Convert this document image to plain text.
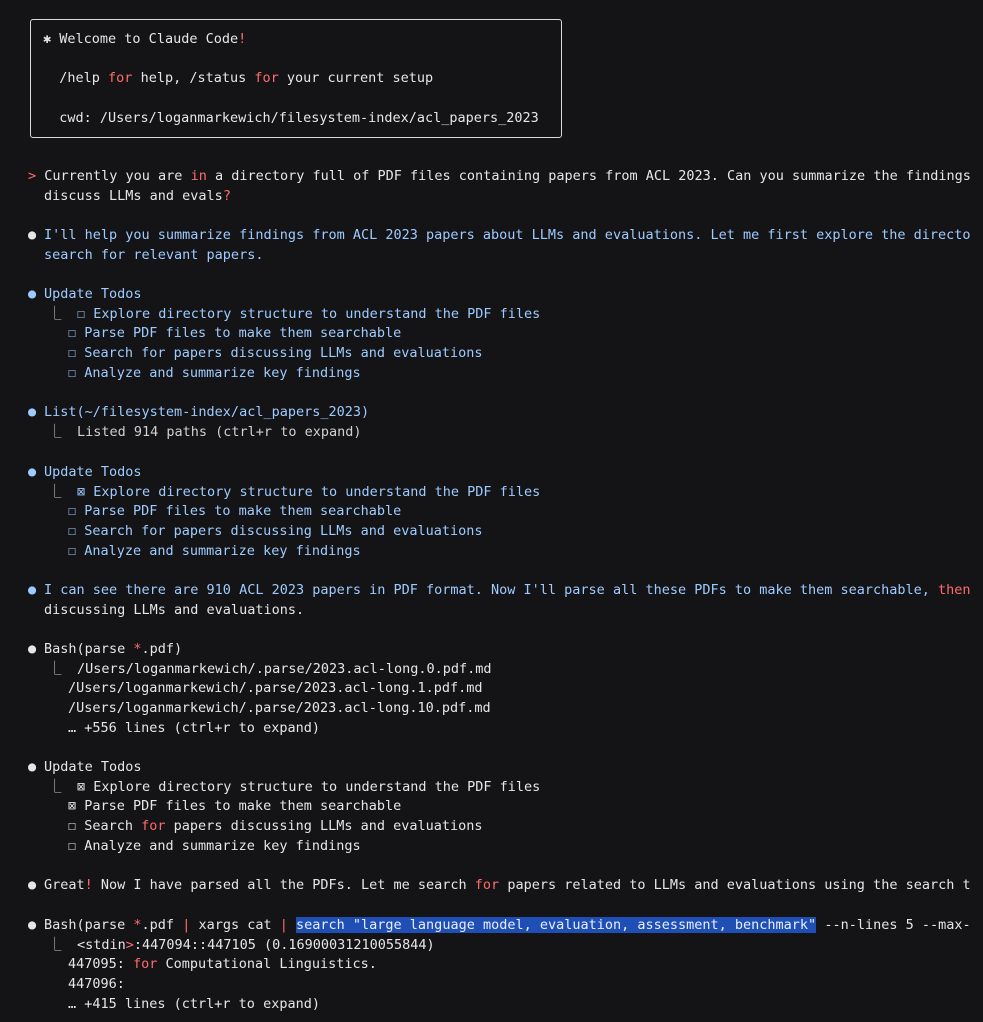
✱ Welcome to Claude Code!
/help for help, /status for your current setup
cwd: /Users/loganmarkewich/filesystem-index/acl_papers_2023
> Currently you are in a directory full of PDF files containing papers from ACL 2023. Can you summarize the findings
discuss LLMs and evals?
● I'll help you summarize findings from ACL 2023 papers about LLMs and evaluations. Let me first explore the directo
search for relevant papers.
● Update Todos
⎿ ☐ Explore directory structure to understand the PDF files
☐ Parse PDF files to make them searchable
☐ Search for papers discussing LLMs and evaluations
☐ Analyze and summarize key findings
● List(~/filesystem-index/acl_papers_2023)
⎿ Listed 914 paths (ctrl+r to expand)
● Update Todos
⎿ ⊠ Explore directory structure to understand the PDF files
☐ Parse PDF files to make them searchable
☐ Search for papers discussing LLMs and evaluations
☐ Analyze and summarize key findings
● I can see there are 910 ACL 2023 papers in PDF format. Now I'll parse all these PDFs to make them searchable, then
discussing LLMs and evaluations.
● Bash(parse *.pdf)
⎿ /Users/loganmarkewich/.parse/2023.acl-long.0.pdf.md
/Users/loganmarkewich/.parse/2023.acl-long.1.pdf.md
/Users/loganmarkewich/.parse/2023.acl-long.10.pdf.md
… +556 lines (ctrl+r to expand)
● Update Todos
⎿ ⊠ Explore directory structure to understand the PDF files
⊠ Parse PDF files to make them searchable
☐ Search for papers discussing LLMs and evaluations
☐ Analyze and summarize key findings
● Great! Now I have parsed all the PDFs. Let me search for papers related to LLMs and evaluations using the search t
● Bash(parse *.pdf | xargs cat | search "large language model, evaluation, assessment, benchmark" --n-lines 5 --max-
⎿ <stdin>:447094::447105 (0.16900031210055844)
447095: for Computational Linguistics.
447096:
… +415 lines (ctrl+r to expand)
